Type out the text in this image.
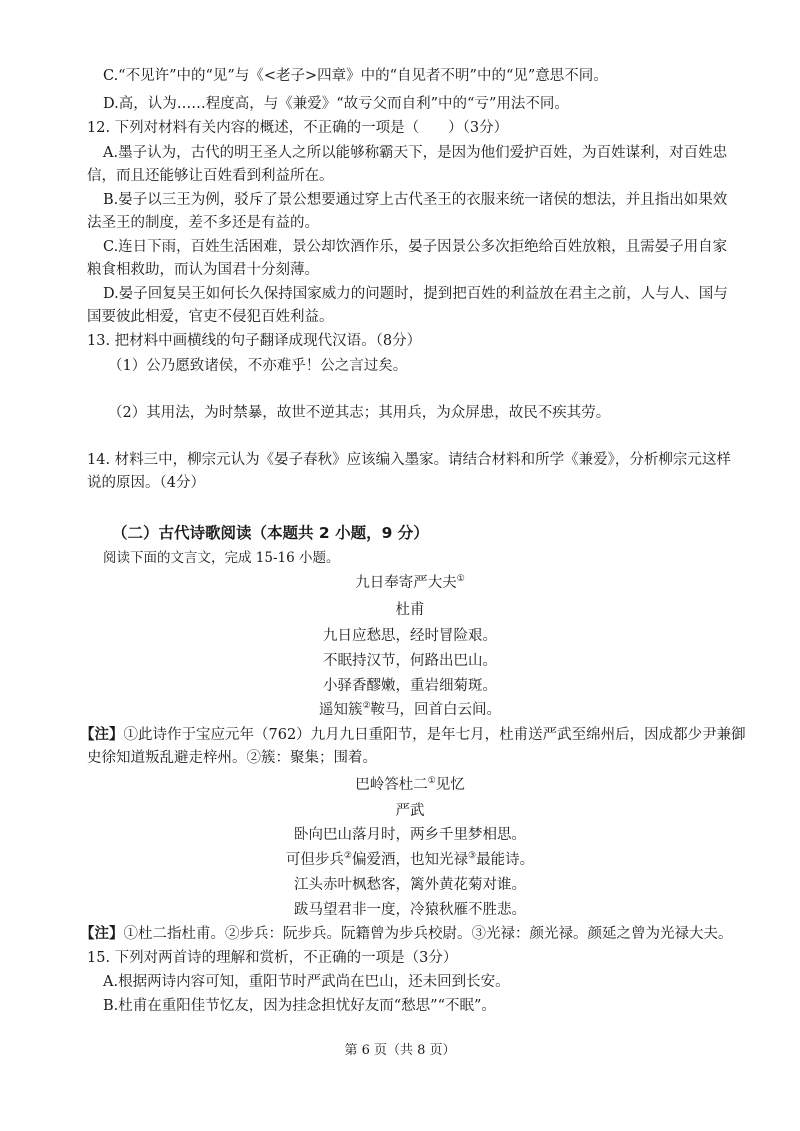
C.“不见许”中的“见”与《<老子>四章》中的“自见者不明”中的“见”意思不同。
D.高，认为……程度高，与《兼爱》“故亏父而自利”中的“亏”用法不同。
12. 下列对材料有关内容的概述，不正确的一项是（　　）（3分）
A.墨子认为，古代的明王圣人之所以能够称霸天下，是因为他们爱护百姓，为百姓谋利，对百姓忠
信，而且还能够让百姓看到利益所在。
B.晏子以三王为例，驳斥了景公想要通过穿上古代圣王的衣服来统一诸侯的想法，并且指出如果效
法圣王的制度，差不多还是有益的。
C.连日下雨，百姓生活困难，景公却饮酒作乐，晏子因景公多次拒绝给百姓放粮，且需晏子用自家
粮食相救助，而认为国君十分刻薄。
D.晏子回复吴王如何长久保持国家威力的问题时，提到把百姓的利益放在君主之前，人与人、国与
国要彼此相爱，官吏不侵犯百姓利益。
13. 把材料中画横线的句子翻译成现代汉语。（8分）
（1）公乃愿致诸侯，不亦难乎！公之言过矣。
（2）其用法，为时禁暴，故世不逆其志；其用兵，为众屏患，故民不疾其劳。
14. 材料三中，柳宗元认为《晏子春秋》应该编入墨家。请结合材料和所学《兼爱》，分析柳宗元这样
说的原因。（4分）
（二）古代诗歌阅读（本题共 2 小题，9 分）
阅读下面的文言文，完成 15-16 小题。
九日奉寄严大夫①
杜甫
九日应愁思，经时冒险艰。
不眠持汉节，何路出巴山。
小驿香醪嫩，重岩细菊斑。
遥知簇②鞍马，回首白云间。
【注】①此诗作于宝应元年（762）九月九日重阳节，是年七月，杜甫送严武至绵州后，因成都少尹兼御
史徐知道叛乱避走梓州。②簇：聚集；围着。
巴岭答杜二①见忆
严武
卧向巴山落月时，两乡千里梦相思。
可但步兵②偏爱酒，也知光禄③最能诗。
江头赤叶枫愁客，篱外黄花菊对谁。
跋马望君非一度，冷猿秋雁不胜悲。
【注】①杜二指杜甫。②步兵：阮步兵。阮籍曾为步兵校尉。③光禄：颜光禄。颜延之曾为光禄大夫。
15. 下列对两首诗的理解和赏析，不正确的一项是（3分）
A.根据两诗内容可知，重阳节时严武尚在巴山，还未回到长安。
B.杜甫在重阳佳节忆友，因为挂念担忧好友而“愁思”“不眠”。
第 6 页（共 8 页）
